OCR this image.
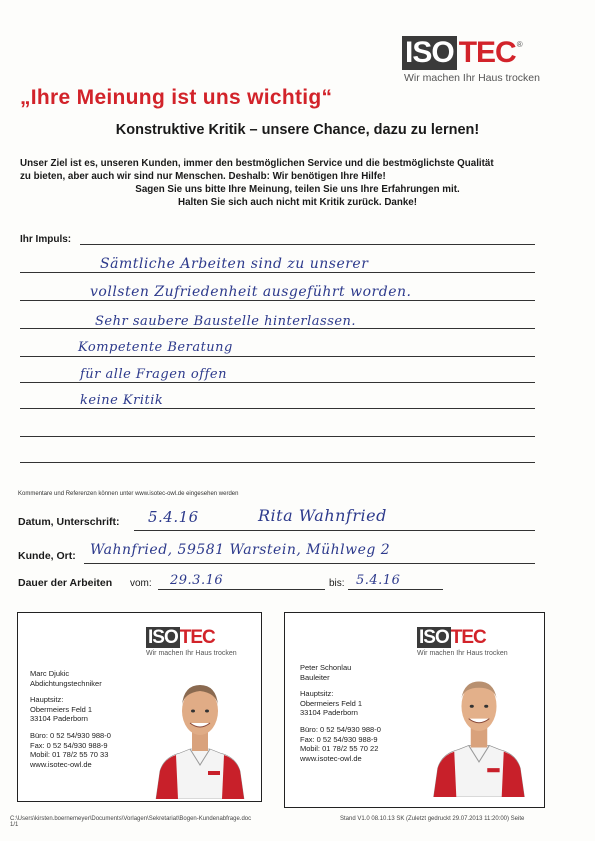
ISO TEC ®
Wir machen Ihr Haus trocken
„Ihre Meinung ist uns wichtig“
Konstruktive Kritik – unsere Chance, dazu zu lernen!
Unser Ziel ist es, unseren Kunden, immer den bestmöglichen Service und die bestmöglichste Qualität
zu bieten, aber auch wir sind nur Menschen. Deshalb: Wir benötigen Ihre Hilfe!
Sagen Sie uns bitte Ihre Meinung, teilen Sie uns Ihre Erfahrungen mit.
Halten Sie sich auch nicht mit Kritik zurück. Danke!
Ihr Impuls:
Sämtliche Arbeiten sind zu unserer
vollsten Zufriedenheit ausgeführt worden.
Sehr saubere Baustelle hinterlassen.
Kompetente Beratung
für alle Fragen offen
keine Kritik
Kommentare und Referenzen können unter www.isotec-owl.de eingesehen werden
Datum, Unterschrift: 5.4.16	Rita Wahnfried
Kunde, Ort: Wahnfried, 59581 Warstein, Mühlweg 2
Dauer der Arbeiten vom: 29.3.16	bis: 5.4.16
ISO TEC
Wir machen Ihr Haus trocken
Marc Djukic
Abdichtungstechniker
Hauptsitz:
Obermeiers Feld 1
33104 Paderborn
Büro: 0 52 54/930 988-0
Fax: 0 52 54/930 988-9
Mobil: 01 78/2 55 70 33
www.isotec-owl.de
ISO TEC
Wir machen Ihr Haus trocken
Peter Schonlau
Bauleiter
Hauptsitz:
Obermeiers Feld 1
33104 Paderborn
Büro: 0 52 54/930 988-0
Fax: 0 52 54/930 988-9
Mobil: 01 78/2 55 70 22
www.isotec-owl.de
C:\Users\kirsten.boernemeyer\Documents\Vorlagen\Sekretariat\Bogen-Kundenabfrage.doc
1/1
Stand V1.0 08.10.13 SK (Zuletzt gedruckt 29.07.2013 11:20:00) Seite
